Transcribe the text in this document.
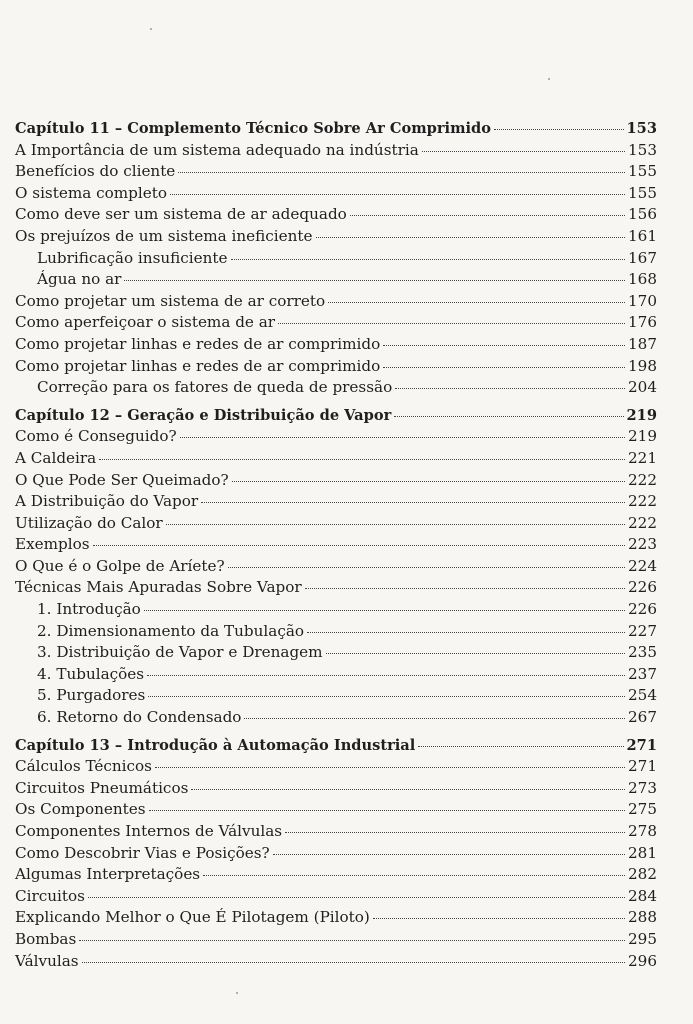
Capítulo 11 – Complemento Técnico Sobre Ar Comprimido	153
A Importância de um sistema adequado na indústria	153
Benefícios do cliente	155
O sistema completo	155
Como deve ser um sistema de ar adequado	156
Os prejuízos de um sistema ineficiente	161
Lubrificação insuficiente	167
Água no ar	168
Como projetar um sistema de ar correto	170
Como aperfeiçoar o sistema de ar	176
Como projetar linhas e redes de ar comprimido	187
Como projetar linhas e redes de ar comprimido	198
Correção para os fatores de queda de pressão	204
Capítulo 12 – Geração e Distribuição de Vapor	219
Como é Conseguido?	219
A Caldeira	221
O Que Pode Ser Queimado?	222
A Distribuição do Vapor	222
Utilização do Calor	222
Exemplos	223
O Que é o Golpe de Aríete?	224
Técnicas Mais Apuradas Sobre Vapor	226
1. Introdução	226
2. Dimensionamento da Tubulação	227
3. Distribuição de Vapor e Drenagem	235
4. Tubulações	237
5. Purgadores	254
6. Retorno do Condensado	267
Capítulo 13 – Introdução à Automação Industrial	271
Cálculos Técnicos	271
Circuitos Pneumáticos	273
Os Componentes	275
Componentes Internos de Válvulas	278
Como Descobrir Vias e Posições?	281
Algumas Interpretações	282
Circuitos	284
Explicando Melhor o Que É Pilotagem (Piloto)	288
Bombas	295
Válvulas	296
